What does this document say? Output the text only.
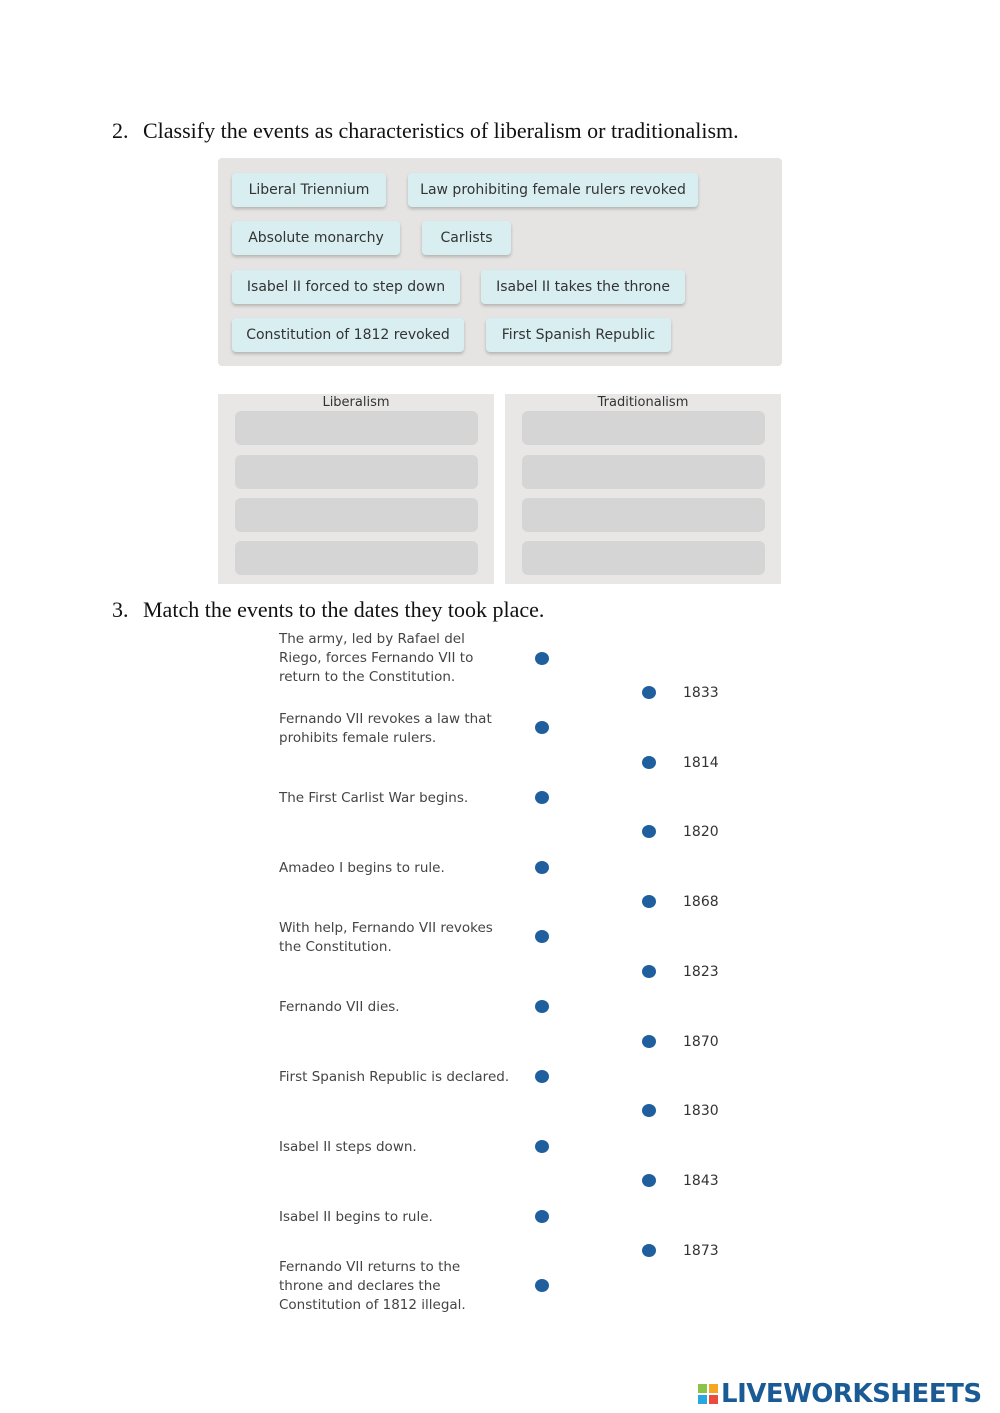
2. Classify the events as characteristics of liberalism or traditionalism.
Liberal Triennium	Law prohibiting female rulers revoked
Absolute monarchy	Carlists
Isabel II forced to step down	Isabel II takes the throne
Constitution of 1812 revoked	First Spanish Republic
Liberalism	Traditionalism
3. Match the events to the dates they took place.
The army, led by Rafael del Riego, forces Fernando VII to return to the Constitution.
Fernando VII revokes a law that prohibits female rulers.
The First Carlist War begins.
Amadeo I begins to rule.
With help, Fernando VII revokes the Constitution.
Fernando VII dies.
First Spanish Republic is declared.
Isabel II steps down.
Isabel II begins to rule.
Fernando VII returns to the throne and declares the Constitution of 1812 illegal.
1833
1814
1820
1868
1823
1870
1830
1843
1873
LIVEWORKSHEETS
